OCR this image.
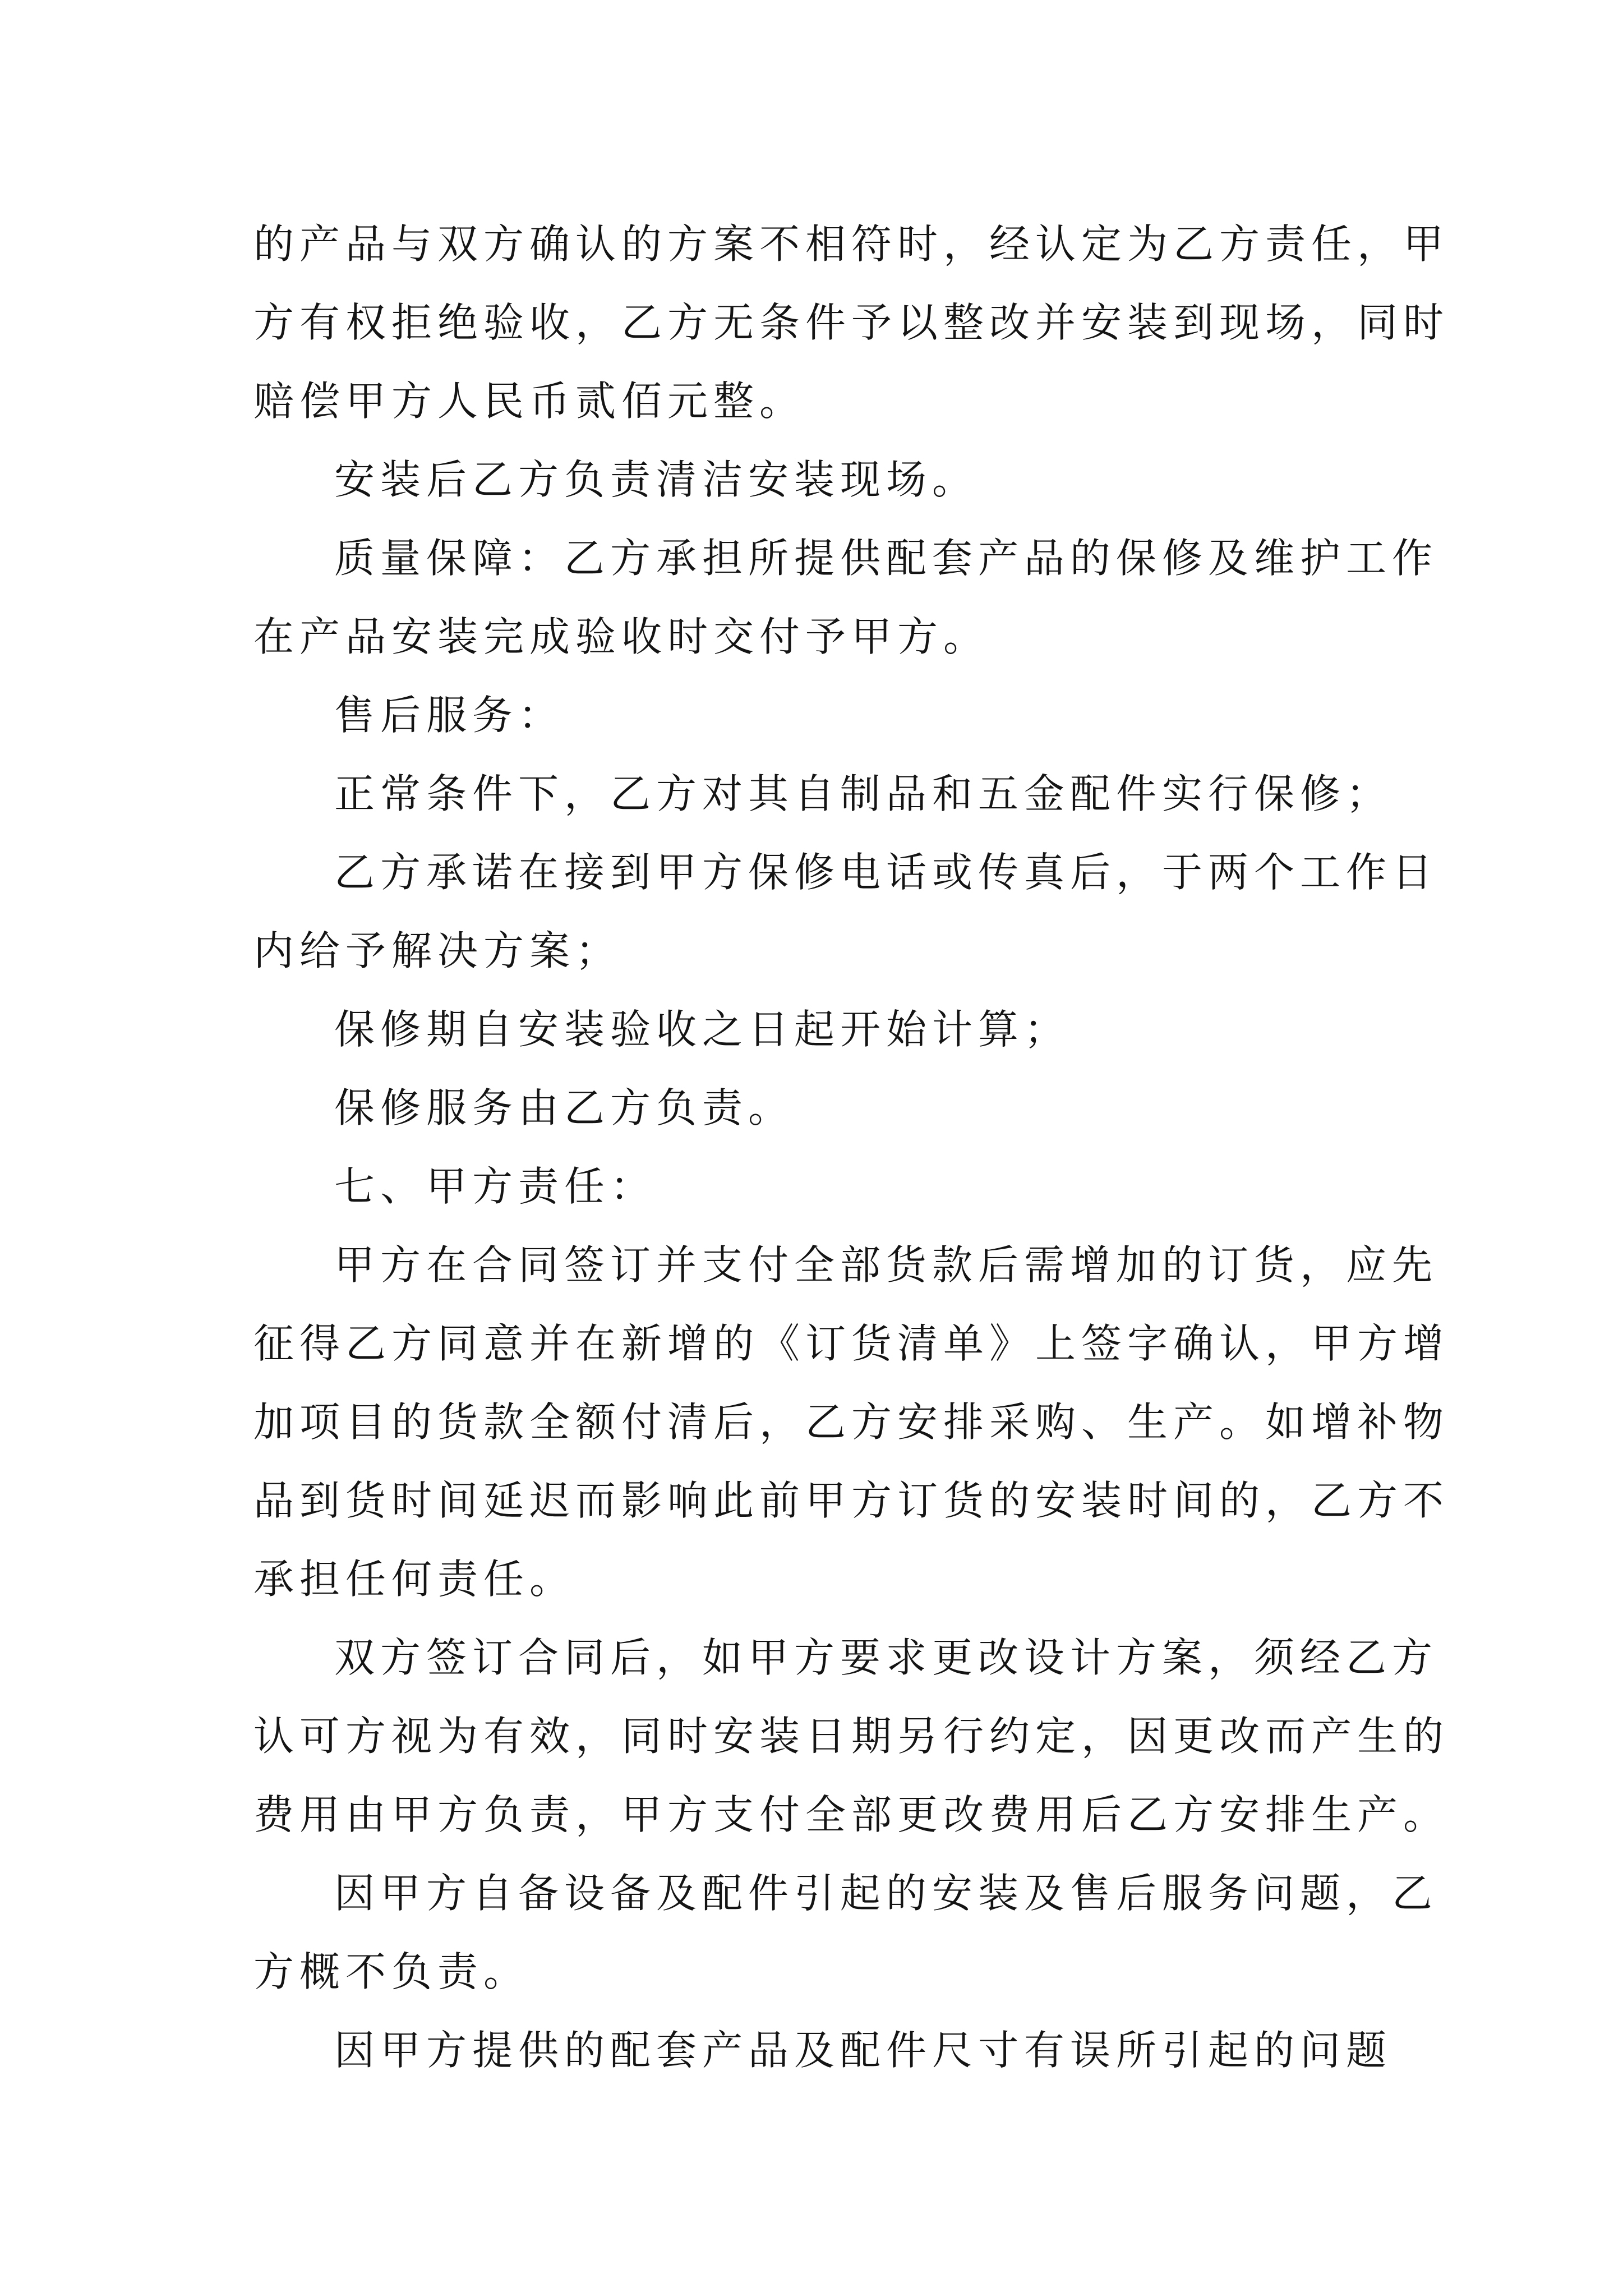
的产品与双方确认的方案不相符时，经认定为乙方责任，甲
方有权拒绝验收，乙方无条件予以整改并安装到现场，同时
赔偿甲方人民币贰佰元整。
安装后乙方负责清洁安装现场。
质量保障：乙方承担所提供配套产品的保修及维护工作
在产品安装完成验收时交付予甲方。
售后服务：
正常条件下，乙方对其自制品和五金配件实行保修；
乙方承诺在接到甲方保修电话或传真后，于两个工作日
内给予解决方案；
保修期自安装验收之日起开始计算；
保修服务由乙方负责。
七、甲方责任：
甲方在合同签订并支付全部货款后需增加的订货，应先
征得乙方同意并在新增的《订货清单》上签字确认，甲方增
加项目的货款全额付清后，乙方安排采购、生产。如增补物
品到货时间延迟而影响此前甲方订货的安装时间的，乙方不
承担任何责任。
双方签订合同后，如甲方要求更改设计方案，须经乙方
认可方视为有效，同时安装日期另行约定，因更改而产生的
费用由甲方负责，甲方支付全部更改费用后乙方安排生产。
因甲方自备设备及配件引起的安装及售后服务问题，乙
方概不负责。
因甲方提供的配套产品及配件尺寸有误所引起的问题
